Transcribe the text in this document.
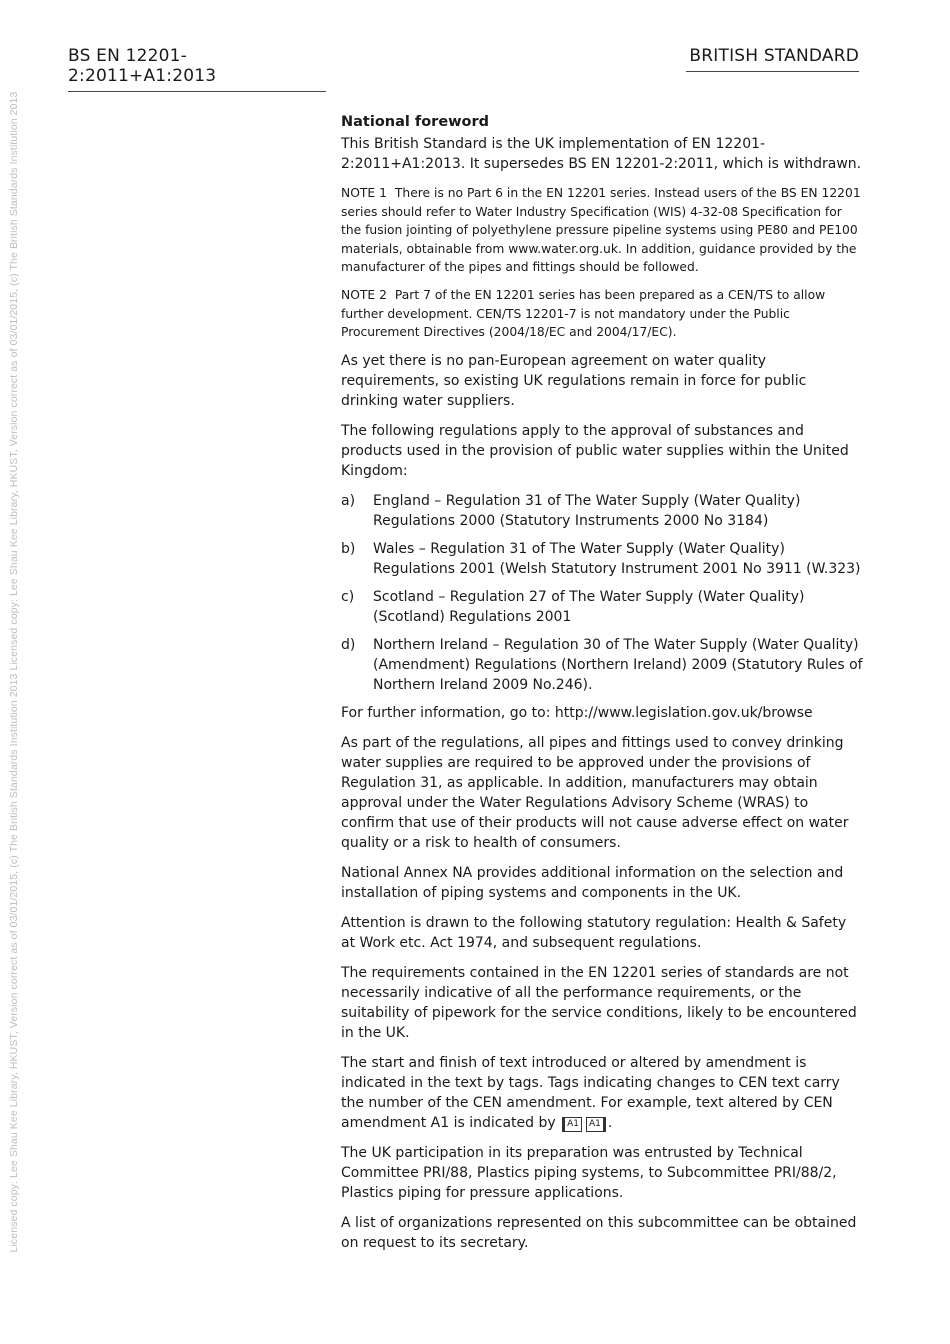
Licensed copy: Lee Shau Kee Library, HKUST, Version correct as of 03/01/2015, (c) The British Standards Institution 2013 Licensed copy: Lee Shau Kee Library, HKUST, Version correct as of 03/01/2015, (c) The British Standards Institution 2013
BS EN 12201-2:2011+A1:2013
BRITISH STANDARD
National foreword

This British Standard is the UK implementation of EN 12201-2:2011+A1:2013. It supersedes BS EN 12201-2:2011, which is withdrawn.

NOTE 1 There is no Part 6 in the EN 12201 series. Instead users of the BS EN 12201 series should refer to Water Industry Specification (WIS) 4-32-08 Specification for the fusion jointing of polyethylene pressure pipeline systems using PE80 and PE100 materials, obtainable from www.water.org.uk. In addition, guidance provided by the manufacturer of the pipes and fittings should be followed.

NOTE 2 Part 7 of the EN 12201 series has been prepared as a CEN/TS to allow further development. CEN/TS 12201-7 is not mandatory under the Public Procurement Directives (2004/18/EC and 2004/17/EC).

As yet there is no pan-European agreement on water quality requirements, so existing UK regulations remain in force for public drinking water suppliers.

The following regulations apply to the approval of substances and products used in the provision of public water supplies within the United Kingdom:

a)	England – Regulation 31 of The Water Supply (Water Quality) Regulations 2000 (Statutory Instruments 2000 No 3184)
b)	Wales – Regulation 31 of The Water Supply (Water Quality) Regulations 2001 (Welsh Statutory Instrument 2001 No 3911 (W.323)
c)	Scotland – Regulation 27 of The Water Supply (Water Quality) (Scotland) Regulations 2001
d)	Northern Ireland – Regulation 30 of The Water Supply (Water Quality) (Amendment) Regulations (Northern Ireland) 2009 (Statutory Rules of Northern Ireland 2009 No.246).

For further information, go to: http://www.legislation.gov.uk/browse

As part of the regulations, all pipes and fittings used to convey drinking water supplies are required to be approved under the provisions of Regulation 31, as applicable. In addition, manufacturers may obtain approval under the Water Regulations Advisory Scheme (WRAS) to confirm that use of their products will not cause adverse effect on water quality or a risk to health of consumers.

National Annex NA provides additional information on the selection and installation of piping systems and components in the UK.

Attention is drawn to the following statutory regulation: Health & Safety at Work etc. Act 1974, and subsequent regulations.

The requirements contained in the EN 12201 series of standards are not necessarily indicative of all the performance requirements, or the suitability of pipework for the service conditions, likely to be encountered in the UK.

The start and finish of text introduced or altered by amendment is indicated in the text by tags. Tags indicating changes to CEN text carry the number of the CEN amendment. For example, text altered by CEN amendment A1 is indicated by A1 A1 .

The UK participation in its preparation was entrusted by Technical Committee PRI/88, Plastics piping systems, to Subcommittee PRI/88/2, Plastics piping for pressure applications.

A list of organizations represented on this subcommittee can be obtained on request to its secretary.
